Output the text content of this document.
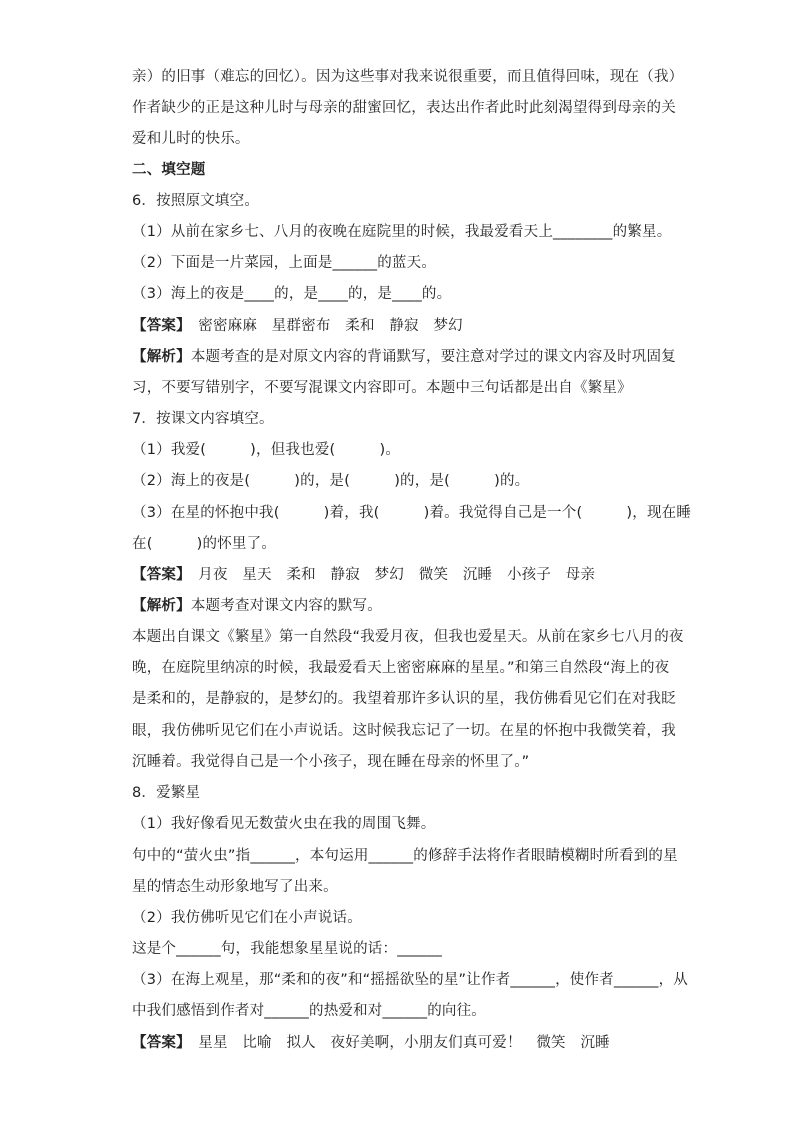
亲）的旧事（难忘的回忆）。因为这些事对我来说很重要，而且值得回味，现在（我）
作者缺少的正是这种儿时与母亲的甜蜜回忆，表达出作者此时此刻渴望得到母亲的关
爱和儿时的快乐。
二、填空题
6．按照原文填空。
（1）从前在家乡七、八月的夜晚在庭院里的时候，我最爱看天上________的繁星。
（2）下面是一片菜园，上面是______的蓝天。
（3）海上的夜是____的，是____的，是____的。
【答案】　密密麻麻　星群密布　柔和　静寂　梦幻
【解析】本题考查的是对原文内容的背诵默写，要注意对学过的课文内容及时巩固复
习，不要写错别字，不要写混课文内容即可。本题中三句话都是出自《繁星》
7．按课文内容填空。
（1）我爱(　　　)，但我也爱(　　　)。
（2）海上的夜是(　　　)的，是(　　　)的，是(　　　)的。
（3）在星的怀抱中我(　　　)着，我(　　　)着。我觉得自己是一个(　　　)，现在睡
在(　　　)的怀里了。
【答案】　月夜　星天　柔和　静寂　梦幻　微笑　沉睡　小孩子　母亲
【解析】本题考查对课文内容的默写。
本题出自课文《繁星》第一自然段“我爱月夜，但我也爱星天。从前在家乡七八月的夜
晚，在庭院里纳凉的时候，我最爱看天上密密麻麻的星星。”和第三自然段“海上的夜
是柔和的，是静寂的，是梦幻的。我望着那许多认识的星，我仿佛看见它们在对我眨
眼，我仿佛听见它们在小声说话。这时候我忘记了一切。在星的怀抱中我微笑着，我
沉睡着。我觉得自己是一个小孩子，现在睡在母亲的怀里了。”
8．爱繁星
（1）我好像看见无数萤火虫在我的周围飞舞。
句中的“萤火虫”指______，本句运用______的修辞手法将作者眼睛模糊时所看到的星
星的情态生动形象地写了出来。
（2）我仿佛听见它们在小声说话。
这是个______句，我能想象星星说的话：______
（3）在海上观星，那“柔和的夜”和“摇摇欲坠的星”让作者______，使作者______，从
中我们感悟到作者对______的热爱和对______的向往。
【答案】　星星　比喻　拟人　夜好美啊，小朋友们真可爱！　微笑　沉睡
